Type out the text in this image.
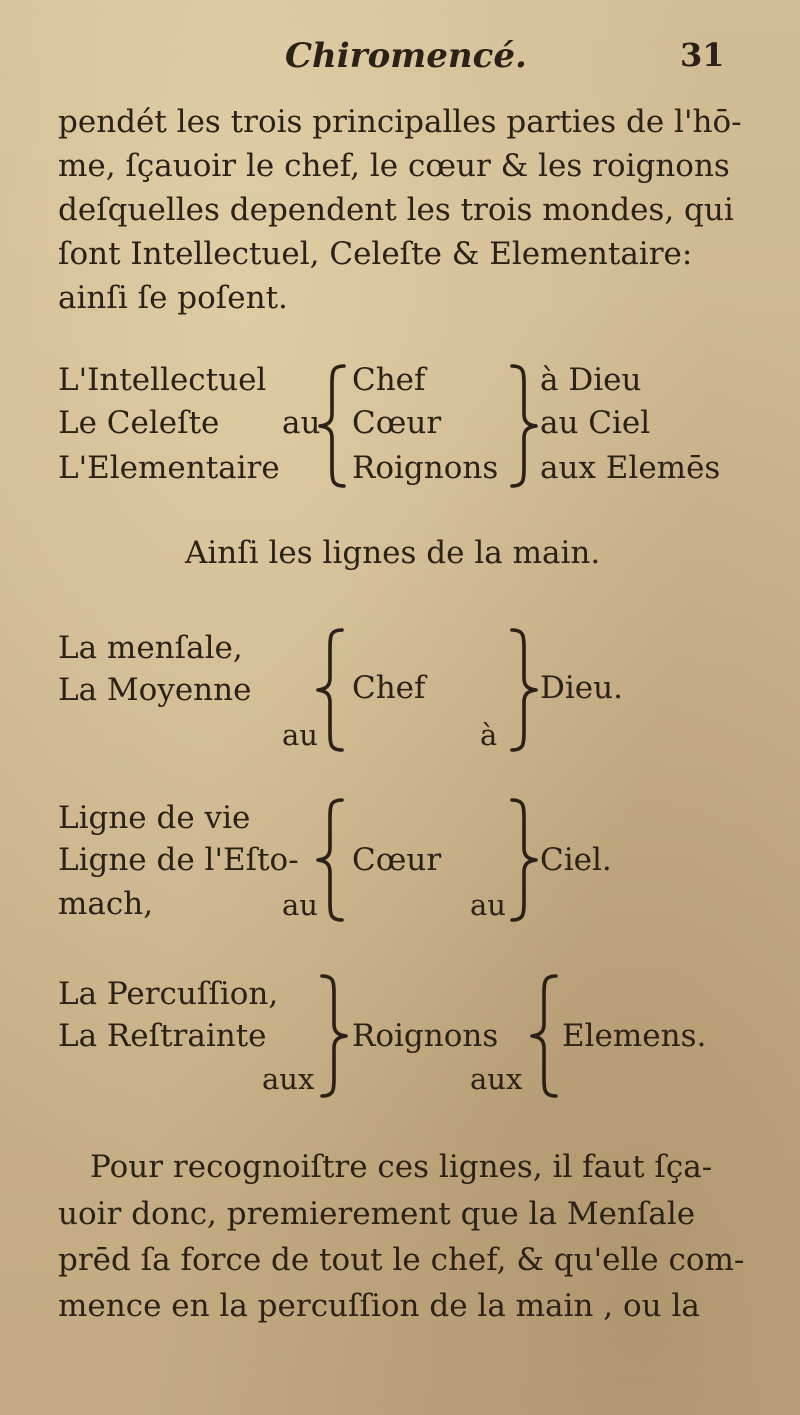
Chiromencé.	31
pendét les trois principalles parties de l'hō-
me, ſçauoir le chef, le cœur & les roignons
deſquelles dependent les trois mondes, qui
ſont Intellectuel, Celeſte & Elementaire:
ainſi ſe poſent.
L'Intellectuel
Le Celeſte
L'Elementaire
au
Chef
Cœur
Roignons
à Dieu
au Ciel
aux Elemēs
Ainſi les lignes de la main.
La menſale,
La Moyenne
au
Chef
à
Dieu.
Ligne de vie
Ligne de l'Eſto-
mach,	au
Cœur
au
Ciel.
La Percuſſion,
La Reſtrainte
aux
Roignons
aux
Elemens.
Pour recognoiſtre ces lignes, il faut ſça-
uoir donc, premierement que la Menſale
prēd ſa force de tout le chef, & qu'elle com-
mence en la percuſſion de la main , ou la
